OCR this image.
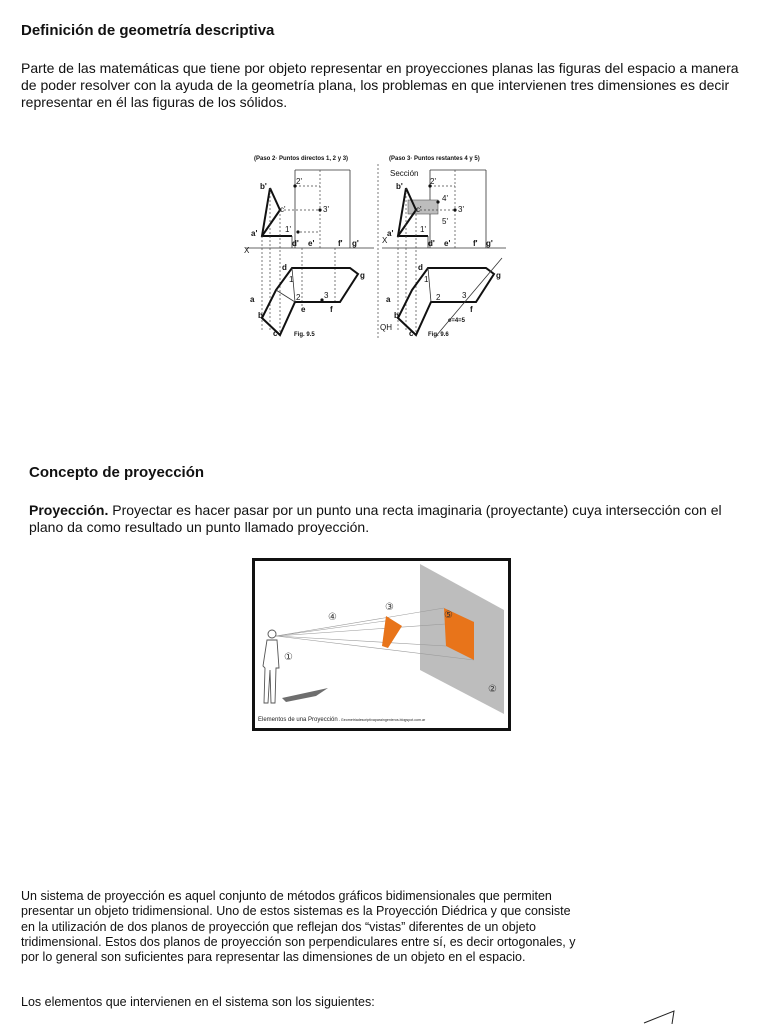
Definición de geometría descriptiva

Parte de las matemáticas que tiene por objeto representar en proyecciones planas las figuras del espacio a manera de poder resolver con la ayuda de la geometría plana, los problemas en que intervienen tres dimensiones es decir representar en él las figuras de los sólidos.

(Paso 2· Puntos directos 1, 2 y 3)	(Paso 3· Puntos restantes 4 y 5)
X
b'
c'
a'
2'
3'
1'
d' e'	f' g'
d
a
b
c
e	f
g
1
2	3
Fig. 9.5
X
Sección
b'
c'
a'
2'
3'
4'
5'
1'
d' e'	f' g'
d
a
b
c
f
g
1
2	3
e=4=5
QH
Fig. 9.6
Concepto de proyección

Proyección. Proyectar es hacer pasar por un punto una recta imaginaria (proyectante) cuya intersección con el plano da como resultado un punto llamado proyección.

①
②
③
④	⑤
Elementos de una Proyección - Geometriadescriptivaparaingenieros.blogspot.com.ar

Un sistema de proyección es aquel conjunto de métodos gráficos bidimensionales que permiten presentar un objeto tridimensional. Uno de estos sistemas es la Proyección Diédrica y que consiste en la utilización de dos planos de proyección que reflejan dos “vistas” diferentes de un objeto tridimensional. Estos dos planos de proyección son perpendiculares entre sí, es decir ortogonales, y por lo general son suficientes para representar las dimensiones de un objeto en el espacio.

Los elementos que intervienen en el sistema son los siguientes:
